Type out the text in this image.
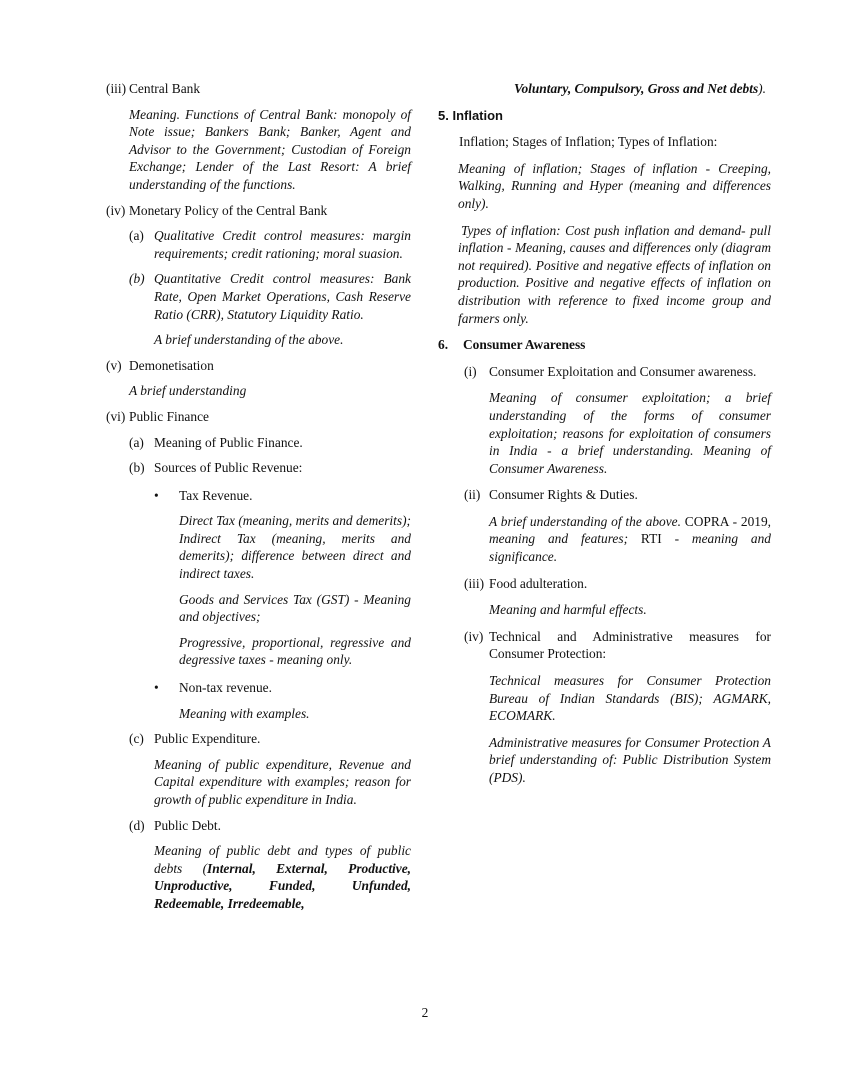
(iii) Central Bank

Meaning. Functions of Central Bank: monopoly of Note issue; Bankers Bank; Banker, Agent and Advisor to the Government; Custodian of Foreign Exchange; Lender of the Last Resort: A brief understanding of the functions.

(iv) Monetary Policy of the Central Bank
(a) Qualitative Credit control measures: margin requirements; credit rationing; moral suasion.
(b) Quantitative Credit control measures: Bank Rate, Open Market Operations, Cash Reserve Ratio (CRR), Statutory Liquidity Ratio.

A brief understanding of the above.

(v) Demonetisation

A brief understanding

(vi) Public Finance
(a) Meaning of Public Finance.
(b) Sources of Public Revenue:
•	Tax Revenue.

Direct Tax (meaning, merits and demerits); Indirect Tax (meaning, merits and demerits); difference between direct and indirect taxes.

Goods and Services Tax (GST) - Meaning and objectives;

Progressive, proportional, regressive and degressive taxes - meaning only.

•	Non-tax revenue.

Meaning with examples.

(c) Public Expenditure.

Meaning of public expenditure, Revenue and Capital expenditure with examples; reason for growth of public expenditure in India.

(d) Public Debt.

Meaning of public debt and types of public debts (Internal, External, Productive, Unproductive, Funded, Unfunded, Redeemable, Irredeemable,

Voluntary, Compulsory, Gross and Net debts).

5. Inflation

Inflation; Stages of Inflation; Types of Inflation:

Meaning of inflation; Stages of inflation - Creeping, Walking, Running and Hyper (meaning and differences only).

Types of inflation: Cost push inflation and demand- pull inflation - Meaning, causes and differences only (diagram not required). Positive and negative effects of inflation on production. Positive and negative effects of inflation on distribution with reference to fixed income group and farmers only.

6.	Consumer Awareness
(i) Consumer Exploitation and Consumer awareness.

Meaning of consumer exploitation; a brief understanding of the forms of consumer exploitation; reasons for exploitation of consumers in India - a brief understanding. Meaning of Consumer Awareness.

(ii) Consumer Rights & Duties.

A brief understanding of the above. COPRA - 2019, meaning and features; RTI - meaning and significance.

(iii) Food adulteration.

Meaning and harmful effects.

(iv) Technical and Administrative measures for Consumer Protection:

Technical measures for Consumer Protection Bureau of Indian Standards (BIS); AGMARK, ECOMARK.

Administrative measures for Consumer Protection A brief understanding of: Public Distribution System (PDS).

2
